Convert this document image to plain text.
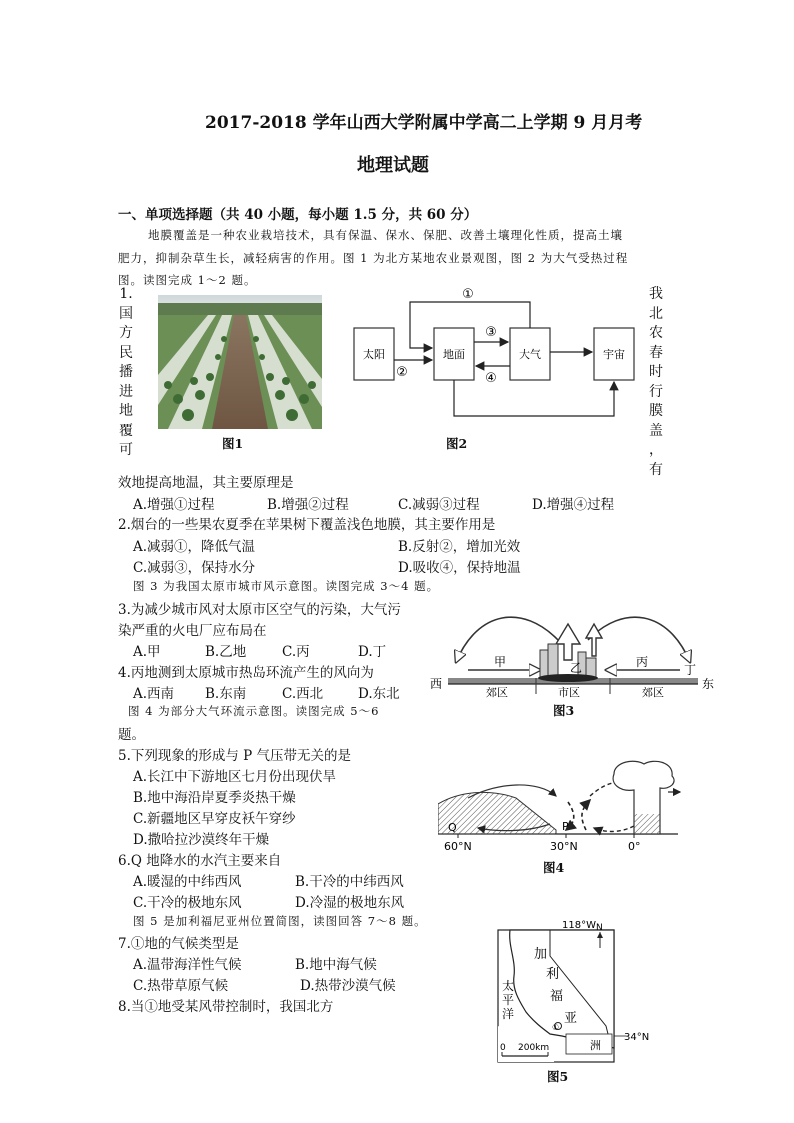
2017-2018 学年山西大学附属中学高二上学期 9 月月考
地理试题
一、单项选择题（共 40 小题，每小题 1.5 分，共 60 分）
地膜覆盖是一种农业栽培技术，具有保温、保水、保肥、改善土壤理化性质，提高土壤
肥力，抑制杂草生长，减轻病害的作用。图 1 为北方某地农业景观图，图 2 为大气受热过程
图。读图完成 1～2 题。
1.
国
方
民
播
进
地
覆
可
我
北
农
春
时
行
膜
盖
，
有
图1
太阳	地面	大气	宇宙
①
②
③
④
图2
效地提高地温，其主要原理是
A.增强①过程	B.增强②过程	C.减弱③过程	D.增强④过程
2.烟台的一些果农夏季在苹果树下覆盖浅色地膜，其主要作用是
A.减弱①，降低气温	B.反射②，增加光效
C.减弱③，保持水分	D.吸收④，保持地温
图 3 为我国太原市城市风示意图。读图完成 3～4 题。
3.为减少城市风对太原市区空气的污染，大气污
染严重的火电厂应布局在
A.甲	B.乙地	C.丙	D.丁
4.丙地测到太原城市热岛环流产生的风向为
A.西南 B.东南	C.西北	D.东北
甲	乙	丙
丁
西	东
郊区	市区	郊区
图3
图 4 为部分大气环流示意图。读图完成 5～6
题。
5.下列现象的形成与 P 气压带无关的是
A.长江中下游地区七月份出现伏旱
B.地中海沿岸夏季炎热干燥
C.新疆地区早穿皮袄午穿纱
D.撒哈拉沙漠终年干燥
Q	P
60°N	30°N	0°
图4
6.Q 地降水的水汽主要来自
A.暖湿的中纬西风	B.干冷的中纬西风
C.干冷的极地东风	D.冷湿的极地东风
图 5 是加利福尼亚州位置简图，读图回答 7～8 题。
7.①地的气候类型是
A.温带海洋性气候	B.地中海气候
C.热带草原气候	D.热带沙漠气候
8.当①地受某风带控制时，我国北方
118°W N
加
利
福
亚
太
平
洋
洲
34°N
0 200km
①
图5
